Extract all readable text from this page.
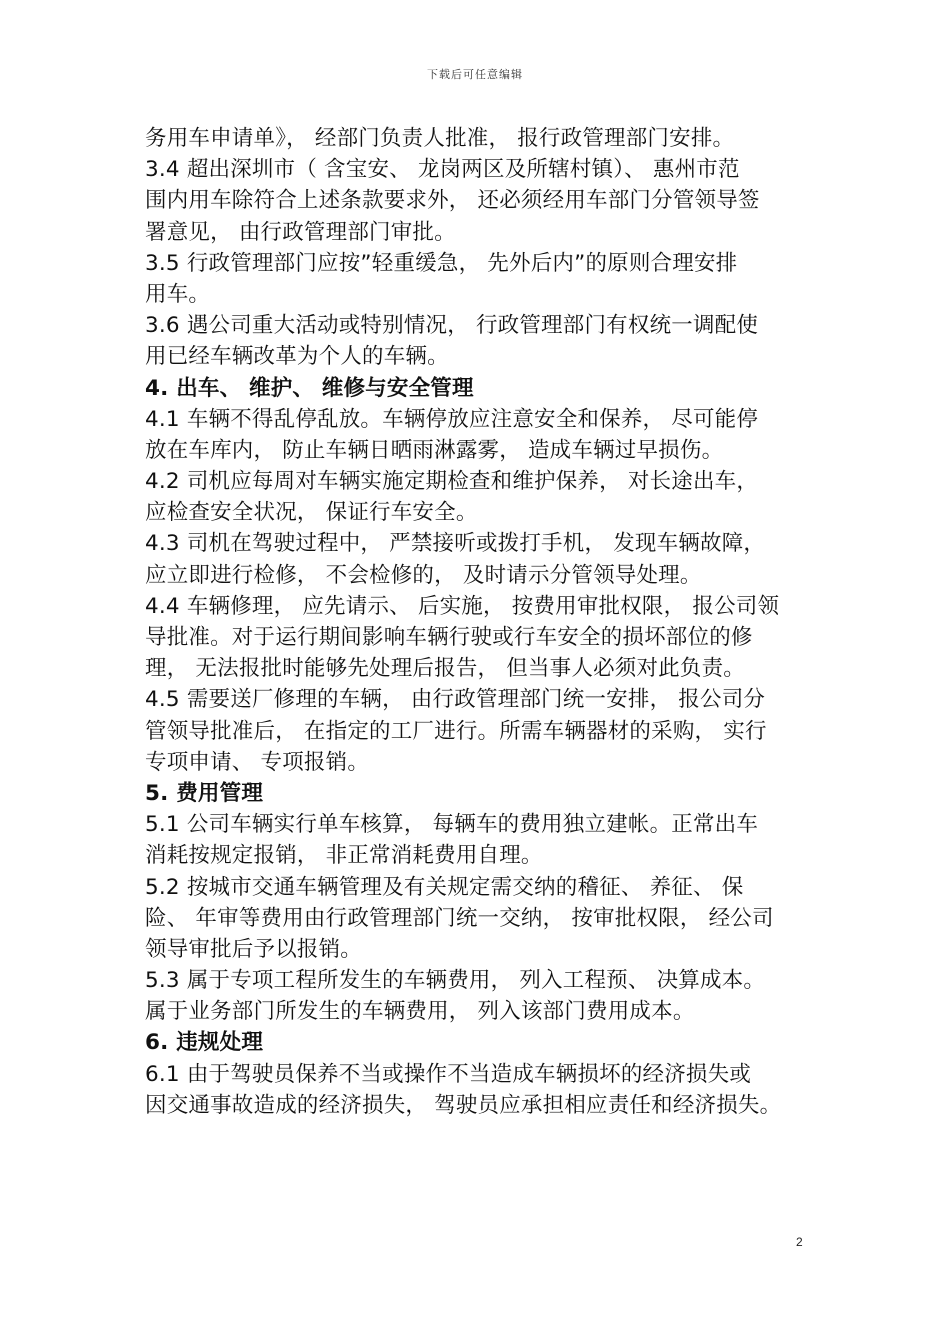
下载后可任意编辑
务用车申请单》， 经部门负责人批准， 报行政管理部门安排。
3.4 超出深圳市（ 含宝安、 龙岗两区及所辖村镇）、 惠州市范
围内用车除符合上述条款要求外， 还必须经用车部门分管领导签
署意见， 由行政管理部门审批。
3.5 行政管理部门应按”轻重缓急， 先外后内”的原则合理安排
用车。
3.6 遇公司重大活动或特别情况， 行政管理部门有权统一调配使
用已经车辆改革为个人的车辆。
4. 出车、 维护、 维修与安全管理
4.1 车辆不得乱停乱放。车辆停放应注意安全和保养， 尽可能停
放在车库内， 防止车辆日晒雨淋露雾， 造成车辆过早损伤。
4.2 司机应每周对车辆实施定期检查和维护保养， 对长途出车，
应检查安全状况， 保证行车安全。
4.3 司机在驾驶过程中， 严禁接听或拨打手机， 发现车辆故障，
应立即进行检修， 不会检修的， 及时请示分管领导处理。
4.4 车辆修理， 应先请示、 后实施， 按费用审批权限， 报公司领
导批准。对于运行期间影响车辆行驶或行车安全的损坏部位的修
理， 无法报批时能够先处理后报告， 但当事人必须对此负责。
4.5 需要送厂修理的车辆， 由行政管理部门统一安排， 报公司分
管领导批准后， 在指定的工厂进行。所需车辆器材的采购， 实行
专项申请、 专项报销。
5. 费用管理
5.1 公司车辆实行单车核算， 每辆车的费用独立建帐。正常出车
消耗按规定报销， 非正常消耗费用自理。
5.2 按城市交通车辆管理及有关规定需交纳的稽征、 养征、 保
险、 年审等费用由行政管理部门统一交纳， 按审批权限， 经公司
领导审批后予以报销。
5.3 属于专项工程所发生的车辆费用， 列入工程预、 决算成本。
属于业务部门所发生的车辆费用， 列入该部门费用成本。
6. 违规处理
6.1 由于驾驶员保养不当或操作不当造成车辆损坏的经济损失或
因交通事故造成的经济损失， 驾驶员应承担相应责任和经济损失。
2
